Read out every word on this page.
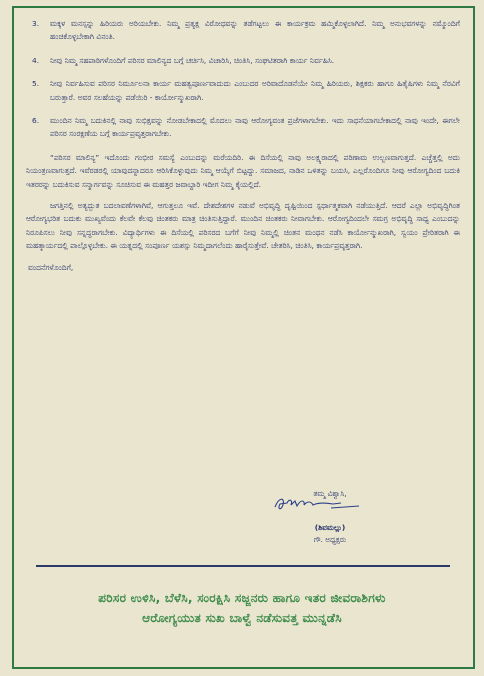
3.	ಮಕ್ಕಳ ಮನಸ್ಸನ್ನು ಹಿರಿಯರು ಅರಿಯಬೇಕು. ನಿಮ್ಮ ಪ್ರತ್ಯಕ್ಷ ವಿರೋಧವನ್ನು ತಡೆಗಟ್ಟಲು ಈ ಕಾರ್ಯಕ್ರಮ ಹಮ್ಮಿಕೊಳ್ಳಲಾಗಿದೆ. ನಿಮ್ಮ ಅನುಭವಗಳನ್ನು ನಮ್ಮೊಂದಿಗೆ ಹಂಚಿಕೊಳ್ಳಬೇಕಾಗಿ ವಿನಂತಿ.
4.	ನೀವು ನಿಮ್ಮ ಸಹಪಾಠಿಗಳೊಂದಿಗೆ ಪರಿಸರ ಮಾಲಿನ್ಯದ ಬಗ್ಗೆ ಚರ್ಚಿಸಿ, ವಿಚಾರಿಸಿ, ಚಿಂತಿಸಿ, ಸಂಘಟಿತರಾಗಿ ಕಾರ್ಯ ನಿರ್ವಹಿಸಿ.
5.	ನೀವು ನಿರ್ವಹಿಸುವ ಪರಿಸರ ನಿರ್ಮೂಲನಾ ಕಾರ್ಯ ಮಹತ್ವಪೂರ್ಣವಾದುದು ಎಂಬುದರ ಅರಿವಾದೊಡನೆಯೇ ನಿಮ್ಮ ಹಿರಿಯರು, ಶಿಕ್ಷಕರು ಹಾಗೂ ಹಿತೈಷಿಗಳು ನಿಮ್ಮ ನೆರವಿಗೆ ಬರುತ್ತಾರೆ. ಅವರ ಸಲಹೆಯನ್ನು ಪಡೆಯಿರಿ - ಕಾರ್ಯೋನ್ಮುಖರಾಗಿ.
6.	ಮುಂದಿನ ನಿಮ್ಮ ಬದುಕಿನಲ್ಲಿ ನಾವು ಸುಭಿಕ್ಷವನ್ನು ನೋಡಬೇಕಾದಲ್ಲಿ ಮೊದಲು ನಾವು ಆರೋಗ್ಯವಂತ ಪ್ರಜೆಗಳಾಗಬೇಕು. ಇದು ಸಾಧನೆಯಾಗಬೇಕಾದಲ್ಲಿ ನಾವು ಇಂದೇ, ಈಗಲೇ ಪರಿಸರ ಸಂರಕ್ಷಣೆಯ ಬಗ್ಗೆ ಕಾರ್ಯಪ್ರವೃತ್ತರಾಗಬೇಕು.

“ಪರಿಸರ ಮಾಲಿನ್ಯ” ಇದೊಂದು ಗಂಭೀರ ಸಮಸ್ಯೆ ಎಂಬುದನ್ನು ಮರೆಯದಿರಿ. ಈ ದಿಸೆಯಲ್ಲಿ ನಾವು ಅಲಕ್ಷ್ಯರಾದಲ್ಲಿ ಪರಿಣಾಮ ಉಲ್ಬಣವಾಗುತ್ತದೆ. ಎಚ್ಚೆತ್ತಲ್ಲಿ ಅದು ನಿಯಂತ್ರಣವಾಗುತ್ತದೆ. ಇವೆರಡರಲ್ಲಿ ಯಾವುದನ್ನಾದರೂ ಆರಿಸಿಕೊಳ್ಳುವುದು ನಿಮ್ಮ ಆಯ್ಕೆಗೆ ಬಿಟ್ಟದ್ದು. ಸಮಾಜದ, ನಾಡಿನ ಒಳಿತನ್ನು ಬಯಸಿ, ಎಲ್ಲರೊಂದಿಗೂ ನೀವು ಆರೋಗ್ಯದಿಂದ ಬದುಕಿ ಇತರರನ್ನು ಬದುಕಿಸುವ ಸನ್ಮಾರ್ಗವನ್ನು ಸೂಚಿಸುವ ಈ ಮಹತ್ತರ ಜವಾಬ್ದಾರಿ ಇದೀಗ ನಿಮ್ಮ ಕೈಯಲ್ಲಿದೆ.

ಜಗತ್ತಿನಲ್ಲಿ ಅತ್ಯದ್ಭುತ ಬದಲಾವಣೆಗಳಾಗಿವೆ, ಆಗುತ್ತಲೂ ಇವೆ. ದೇಶದೇಶಗಳ ನಡುವೆ ಅಭಿವೃದ್ಧಿ ದೃಷ್ಟಿಯಿಂದ ಸ್ಪರ್ಧಾತ್ಮಕವಾಗಿ ನಡೆಯುತ್ತಿದೆ. ಆದರೆ ಎಲ್ಲಾ ಅಭಿವೃದ್ಧಿಗಿಂತ ಆರೋಗ್ಯಭರಿತ ಬದುಕು ಮುಖ್ಯವೆಂದು ಕೆಲವೇ ಕೆಲವು ಚಿಂತಕರು ಮಾತ್ರ ಚಿಂತಿಸುತ್ತಿದ್ದಾರೆ. ಮುಂದಿನ ಚಿಂತಕರು ನೀವಾಗಬೇಕು. ಆರೋಗ್ಯದಿಂದಲೇ ಸಮಗ್ರ ಅಭಿವೃದ್ಧಿ ಸಾಧ್ಯ ಎಂಬುದನ್ನು ನಿರೂಪಿಸಲು ನೀವು ಸನ್ನದ್ಧರಾಗಬೇಕು. ವಿದ್ಯಾರ್ಥಿಗಳು ಈ ದಿಸೆಯಲ್ಲಿ ಪರಿಸರದ ಬಗೆಗೆ ನೀವು ನಿಮ್ಮಲ್ಲಿ ಚಿಂತನ ಮಂಥನ ನಡೆಸಿ ಕಾರ್ಯೋನ್ಮುಖರಾಗಿ, ಸ್ವಯಂ ಪ್ರೇರಿತರಾಗಿ ಈ ಮಹತ್ಕಾರ್ಯದಲ್ಲಿ ಪಾಲ್ಗೊಳ್ಳಬೇಕು. ಈ ಯತ್ನದಲ್ಲಿ ಸಂಪೂರ್ಣ ಯಶಸ್ಸು ನಿಮ್ಮದಾಗಲೆಂದು ಹಾರೈಸುತ್ತೇವೆ. ಚೇತರಿಸಿ, ಚಿಂತಿಸಿ, ಕಾರ್ಯಪ್ರವೃತ್ತರಾಗಿ.

ವಂದನೆಗಳೊಂದಿಗೆ,
ತಮ್ಮ ವಿಶ್ವಾಸಿ,
(ಶಿವಮಲ್ಲು)
ಗೌ. ಅಧ್ಯಕ್ಷರು
ಪರಿಸರ ಉಳಿಸಿ, ಬೆಳೆಸಿ, ಸಂರಕ್ಷಿಸಿ ಸಜ್ಜನರು ಹಾಗೂ ಇತರ ಜೀವರಾಶಿಗಳು
ಆರೋಗ್ಯಯುತ ಸುಖ ಬಾಳ್ವೆ ನಡೆಸುವತ್ತ ಮುನ್ನಡೆಸಿ
